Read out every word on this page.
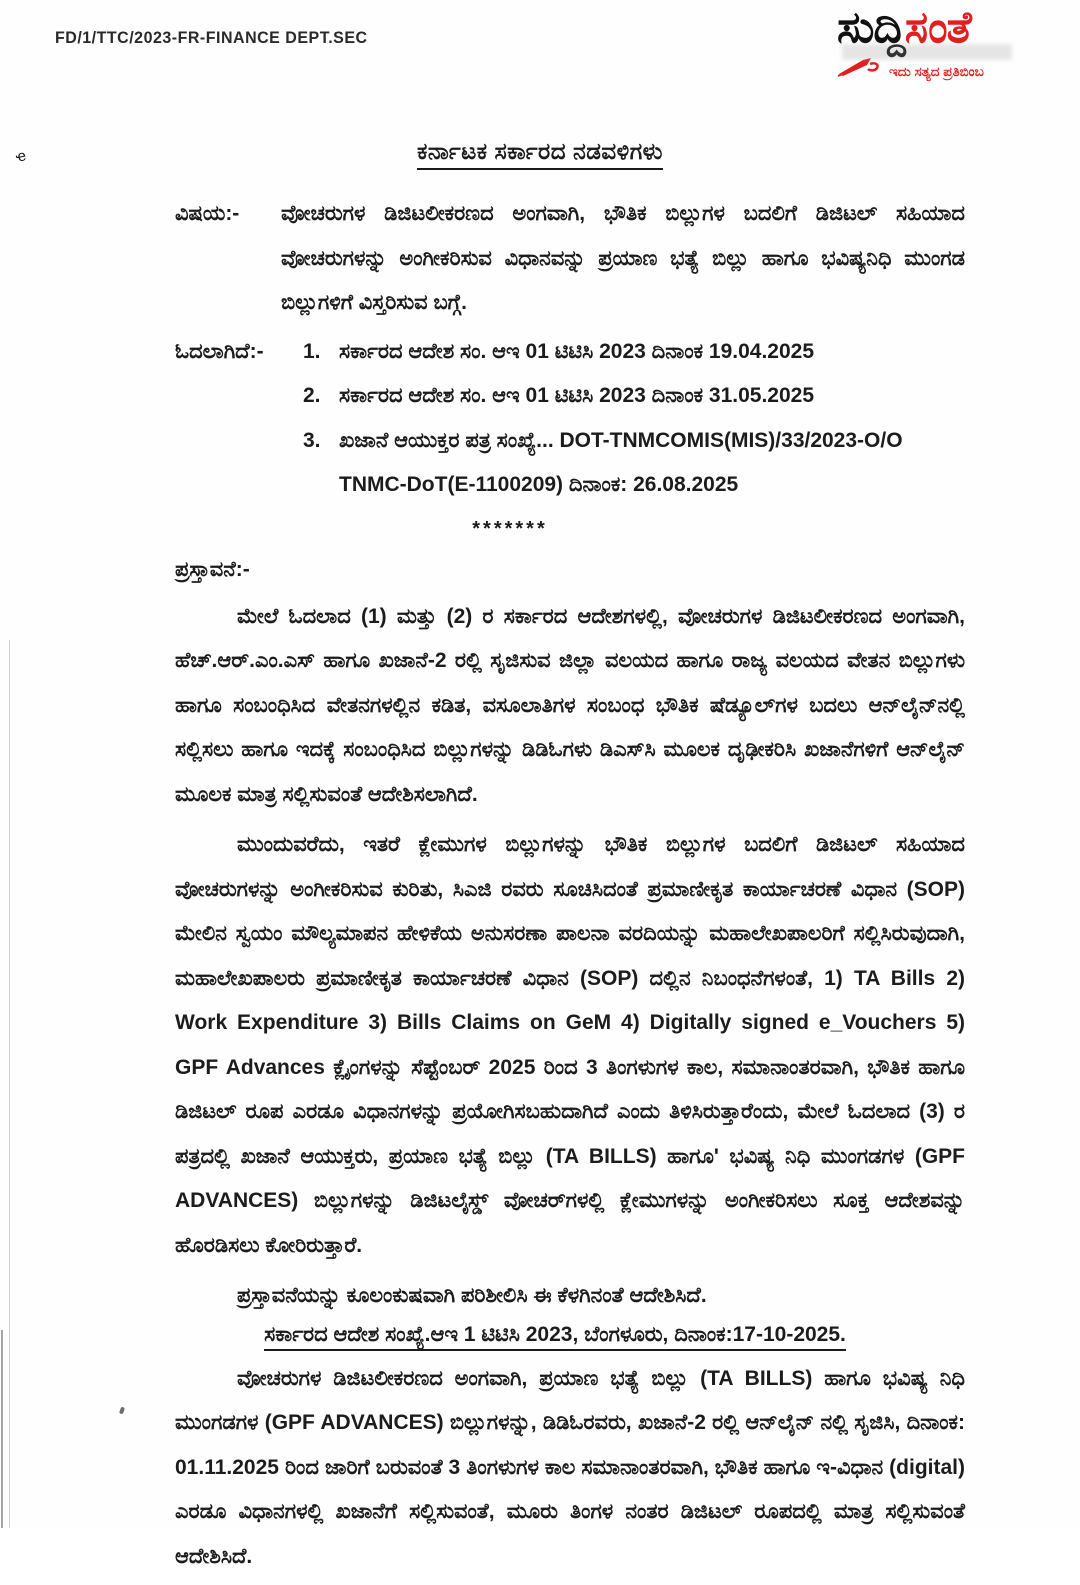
ҽ
FD/1/TTC/2023-FR-FINANCE DEPT.SEC	ಸುದ್ದಿಸಂತೆ
ಇದು ಸತ್ಯದ ಪ್ರತಿಬಿಂಬ
ಕರ್ನಾಟಕ ಸರ್ಕಾರದ ನಡವಳಿಗಳು
ವಿಷಯ:-	ವೋಚರುಗಳ ಡಿಜಿಟಲೀಕರಣದ ಅಂಗವಾಗಿ, ಭೌತಿಕ ಬಿಲ್ಲುಗಳ ಬದಲಿಗೆ ಡಿಜಿಟಲ್ ಸಹಿಯಾದ ವೋಚರುಗಳನ್ನು ಅಂಗೀಕರಿಸುವ ವಿಧಾನವನ್ನು ಪ್ರಯಾಣ ಭತ್ಯೆ ಬಿಲ್ಲು ಹಾಗೂ ಭವಿಷ್ಯನಿಧಿ ಮುಂಗಡ ಬಿಲ್ಲುಗಳಿಗೆ ವಿಸ್ತರಿಸುವ ಬಗ್ಗೆ.
ಓದಲಾಗಿದೆ:-	1. ಸರ್ಕಾರದ ಆದೇಶ ಸಂ. ಆಇ 01 ಟಿಟಿಸಿ 2023 ದಿನಾಂಕ 19.04.2025
2. ಸರ್ಕಾರದ ಆದೇಶ ಸಂ. ಆಇ 01 ಟಿಟಿಸಿ 2023 ದಿನಾಂಕ 31.05.2025
3. ಖಜಾನೆ ಆಯುಕ್ತರ ಪತ್ರ ಸಂಖ್ಯೆ... DOT-TNMCOMIS(MIS)/33/2023-O/O TNMC-DoT(E-1100209) ದಿನಾಂಕ: 26.08.2025
*******
ಪ್ರಸ್ತಾವನೆ:-

ಮೇಲೆ ಓದಲಾದ (1) ಮತ್ತು (2) ರ ಸರ್ಕಾರದ ಆದೇಶಗಳಲ್ಲಿ, ವೋಚರುಗಳ ಡಿಜಿಟಲೀಕರಣದ ಅಂಗವಾಗಿ, ಹೆಚ್.ಆರ್.ಎಂ.ಎಸ್ ಹಾಗೂ ಖಜಾನೆ-2 ರಲ್ಲಿ ಸೃಜಿಸುವ ಜಿಲ್ಲಾ ವಲಯದ ಹಾಗೂ ರಾಜ್ಯ ವಲಯದ ವೇತನ ಬಿಲ್ಲುಗಳು ಹಾಗೂ ಸಂಬಂಧಿಸಿದ ವೇತನಗಳಲ್ಲಿನ ಕಡಿತ, ವಸೂಲಾತಿಗಳ ಸಂಬಂಧ ಭೌತಿಕ ಷೆಡ್ಯೂಲ್‌ಗಳ ಬದಲು ಆನ್‌ಲೈನ್‌ನಲ್ಲಿ ಸಲ್ಲಿಸಲು ಹಾಗೂ ಇದಕ್ಕೆ ಸಂಬಂಧಿಸಿದ ಬಿಲ್ಲುಗಳನ್ನು ಡಿಡಿಓಗಳು ಡಿಎಸ್‌ಸಿ ಮೂಲಕ ದೃಢೀಕರಿಸಿ ಖಜಾನೆಗಳಿಗೆ ಆನ್‌ಲೈನ್ ಮೂಲಕ ಮಾತ್ರ ಸಲ್ಲಿಸುವಂತೆ ಆದೇಶಿಸಲಾಗಿದೆ.

ಮುಂದುವರೆದು, ಇತರೆ ಕ್ಲೇಮುಗಳ ಬಿಲ್ಲುಗಳನ್ನು ಭೌತಿಕ ಬಿಲ್ಲುಗಳ ಬದಲಿಗೆ ಡಿಜಿಟಲ್ ಸಹಿಯಾದ ವೋಚರುಗಳನ್ನು ಅಂಗೀಕರಿಸುವ ಕುರಿತು, ಸಿಎಜಿ ರವರು ಸೂಚಿಸಿದಂತೆ ಪ್ರಮಾಣೀಕೃತ ಕಾರ್ಯಾಚರಣೆ ವಿಧಾನ (SOP) ಮೇಲಿನ ಸ್ವಯಂ ಮೌಲ್ಯಮಾಪನ ಹೇಳಿಕೆಯ ಅನುಸರಣಾ ಪಾಲನಾ ವರದಿಯನ್ನು ಮಹಾಲೇಖಪಾಲರಿಗೆ ಸಲ್ಲಿಸಿರುವುದಾಗಿ, ಮಹಾಲೇಖಪಾಲರು ಪ್ರಮಾಣೀಕೃತ ಕಾರ್ಯಾಚರಣೆ ವಿಧಾನ (SOP) ದಲ್ಲಿನ ನಿಬಂಧನೆಗಳಂತೆ, 1) TA Bills 2) Work Expenditure 3) Bills Claims on GeM 4) Digitally signed e_Vouchers 5) GPF Advances ಕ್ಲೈಂಗಳನ್ನು ಸೆಪ್ಟೆಂಬರ್ 2025 ರಿಂದ 3 ತಿಂಗಳುಗಳ ಕಾಲ, ಸಮಾನಾಂತರವಾಗಿ, ಭೌತಿಕ ಹಾಗೂ ಡಿಜಿಟಲ್ ರೂಪ ಎರಡೂ ವಿಧಾನಗಳನ್ನು ಪ್ರಯೋಗಿಸಬಹುದಾಗಿದೆ ಎಂದು ತಿಳಿಸಿರುತ್ತಾರೆಂದು, ಮೇಲೆ ಓದಲಾದ (3) ರ ಪತ್ರದಲ್ಲಿ ಖಜಾನೆ ಆಯುಕ್ತರು, ಪ್ರಯಾಣ ಭತ್ಯೆ ಬಿಲ್ಲು (TA BILLS) ಹಾಗೂ' ಭವಿಷ್ಯ ನಿಧಿ ಮುಂಗಡಗಳ (GPF ADVANCES) ಬಿಲ್ಲುಗಳನ್ನು ಡಿಜಿಟಲೈಸ್ಡ್ ವೋಚರ್‌ಗಳಲ್ಲಿ ಕ್ಲೇಮುಗಳನ್ನು ಅಂಗೀಕರಿಸಲು ಸೂಕ್ತ ಆದೇಶವನ್ನು ಹೊರಡಿಸಲು ಕೋರಿರುತ್ತಾರೆ.

ಪ್ರಸ್ತಾವನೆಯನ್ನು ಕೂಲಂಕುಷವಾಗಿ ಪರಿಶೀಲಿಸಿ ಈ ಕೆಳಗಿನಂತೆ ಆದೇಶಿಸಿದೆ.

ಸರ್ಕಾರದ ಆದೇಶ ಸಂಖ್ಯೆ.ಆಇ 1 ಟಿಟಿಸಿ 2023, ಬೆಂಗಳೂರು, ದಿನಾಂಕ:17-10-2025.

ವೋಚರುಗಳ ಡಿಜಿಟಲೀಕರಣದ ಅಂಗವಾಗಿ, ಪ್ರಯಾಣ ಭತ್ಯೆ ಬಿಲ್ಲು (TA BILLS) ಹಾಗೂ ಭವಿಷ್ಯ ನಿಧಿ ಮುಂಗಡಗಳ (GPF ADVANCES) ಬಿಲ್ಲುಗಳನ್ನು, ಡಿಡಿಓರವರು, ಖಜಾನೆ-2 ರಲ್ಲಿ ಆನ್‌ಲೈನ್ ನಲ್ಲಿ ಸೃಜಿಸಿ, ದಿನಾಂಕ: 01.11.2025 ರಿಂದ ಜಾರಿಗೆ ಬರುವಂತೆ 3 ತಿಂಗಳುಗಳ ಕಾಲ ಸಮಾನಾಂತರವಾಗಿ, ಭೌತಿಕ ಹಾಗೂ ಇ-ವಿಧಾನ (digital) ಎರಡೂ ವಿಧಾನಗಳಲ್ಲಿ ಖಜಾನೆಗೆ ಸಲ್ಲಿಸುವಂತೆ, ಮೂರು ತಿಂಗಳ ನಂತರ ಡಿಜಿಟಲ್ ರೂಪದಲ್ಲಿ ಮಾತ್ರ ಸಲ್ಲಿಸುವಂತೆ ಆದೇಶಿಸಿದೆ.
